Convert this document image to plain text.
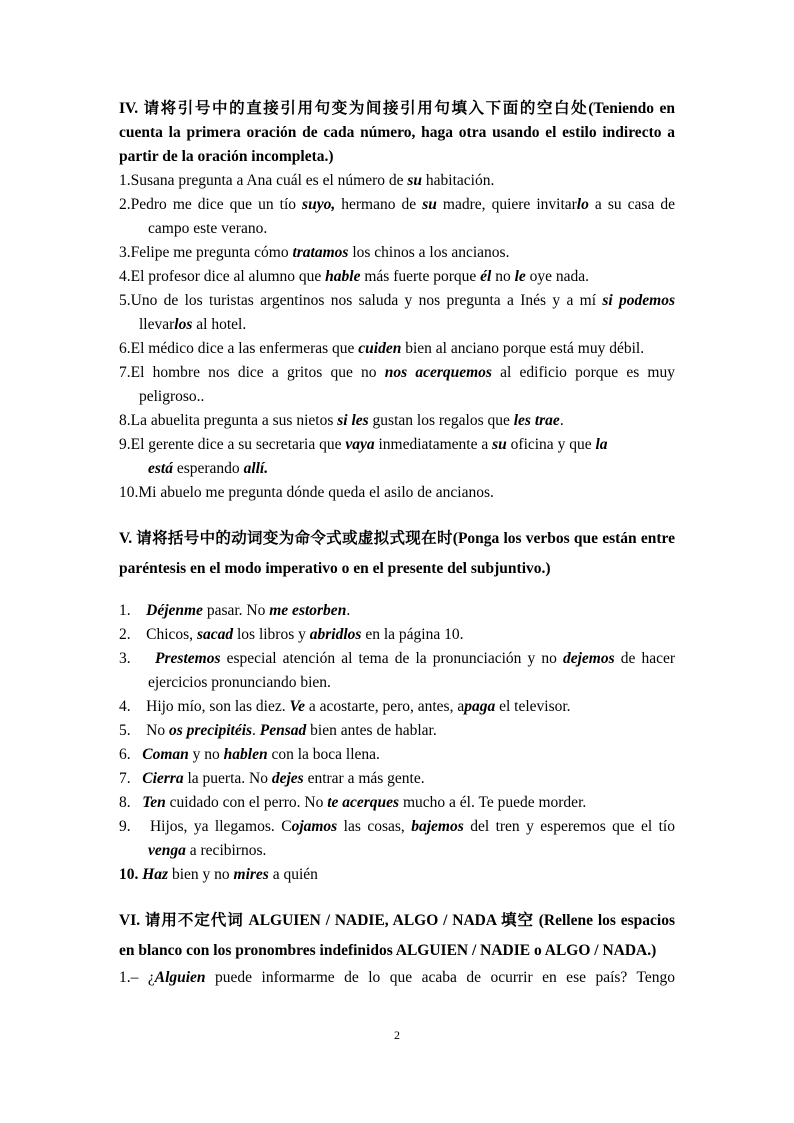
IV. 请将引号中的直接引用句变为间接引用句填入下面的空白处(Teniendo en cuenta la primera oración de cada número, haga otra usando el estilo indirecto a partir de la oración incompleta.)

1.Susana pregunta a Ana cuál es el número de su habitación.

2.Pedro me dice que un tío suyo, hermano de su madre, quiere invitarlo a su casa de campo este verano.

3.Felipe me pregunta cómo tratamos los chinos a los ancianos.

4.El profesor dice al alumno que hable más fuerte porque él no le oye nada.

5.Uno de los turistas argentinos nos saluda y nos pregunta a Inés y a mí si podemos llevarlos al hotel.

6.El médico dice a las enfermeras que cuiden bien al anciano porque está muy débil.

7.El hombre nos dice a gritos que no nos acerquemos al edificio porque es muy peligroso..

8.La abuelita pregunta a sus nietos si les gustan los regalos que les trae.

9.El gerente dice a su secretaria que vaya inmediatamente a su oficina y que la está esperando allí.

10.Mi abuelo me pregunta dónde queda el asilo de ancianos.

V. 请将括号中的动词变为命令式或虚拟式现在时(Ponga los verbos que están entre paréntesis en el modo imperativo o en el presente del subjuntivo.)

1.    Déjenme pasar. No me estorben.

2.    Chicos, sacad los libros y abridlos en la página 10.

3.    Prestemos especial atención al tema de la pronunciación y no dejemos de hacer ejercicios pronunciando bien.

4.    Hijo mío, son las diez. Ve a acostarte, pero, antes, apaga el televisor.

5.    No os precipitéis. Pensad bien antes de hablar.

6.   Coman y no hablen con la boca llena.

7.   Cierra la puerta. No dejes entrar a más gente.

8.   Ten cuidado con el perro. No te acerques mucho a él. Te puede morder.

9.   Hijos, ya llegamos. Cojamos las cosas, bajemos del tren y esperemos que el tío venga a recibirnos.

10. Haz bien y no mires a quién

VI. 请用不定代词 ALGUIEN / NADIE, ALGO / NADA 填空 (Rellene los espacios en blanco con los pronombres indefinidos ALGUIEN / NADIE o ALGO / NADA.)

1.– ¿Alguien puede informarme de lo que acaba de ocurrir en ese país? Tengo

2
